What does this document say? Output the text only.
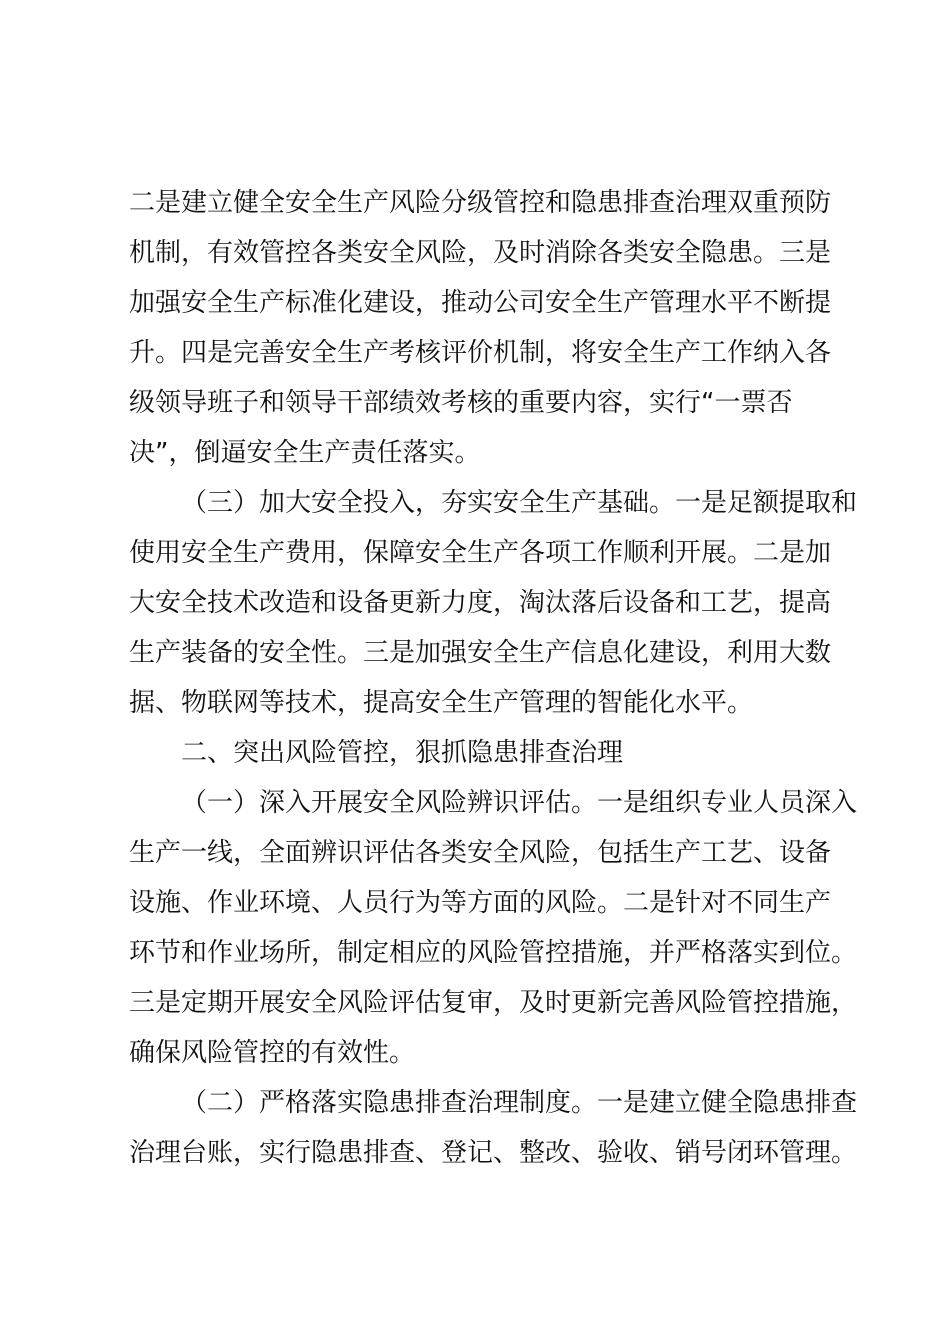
二是建立健全安全生产风险分级管控和隐患排查治理双重预防
机制，有效管控各类安全风险，及时消除各类安全隐患。三是
加强安全生产标准化建设，推动公司安全生产管理水平不断提
升。四是完善安全生产考核评价机制，将安全生产工作纳入各
级领导班子和领导干部绩效考核的重要内容，实行“一票否
决”，倒逼安全生产责任落实。
（三）加大安全投入，夯实安全生产基础。一是足额提取和
使用安全生产费用，保障安全生产各项工作顺利开展。二是加
大安全技术改造和设备更新力度，淘汰落后设备和工艺，提高
生产装备的安全性。三是加强安全生产信息化建设，利用大数
据、物联网等技术，提高安全生产管理的智能化水平。
二、突出风险管控，狠抓隐患排查治理
（一）深入开展安全风险辨识评估。一是组织专业人员深入
生产一线，全面辨识评估各类安全风险，包括生产工艺、设备
设施、作业环境、人员行为等方面的风险。二是针对不同生产
环节和作业场所，制定相应的风险管控措施，并严格落实到位。
三是定期开展安全风险评估复审，及时更新完善风险管控措施，
确保风险管控的有效性。
（二）严格落实隐患排查治理制度。一是建立健全隐患排查
治理台账，实行隐患排查、登记、整改、验收、销号闭环管理。
